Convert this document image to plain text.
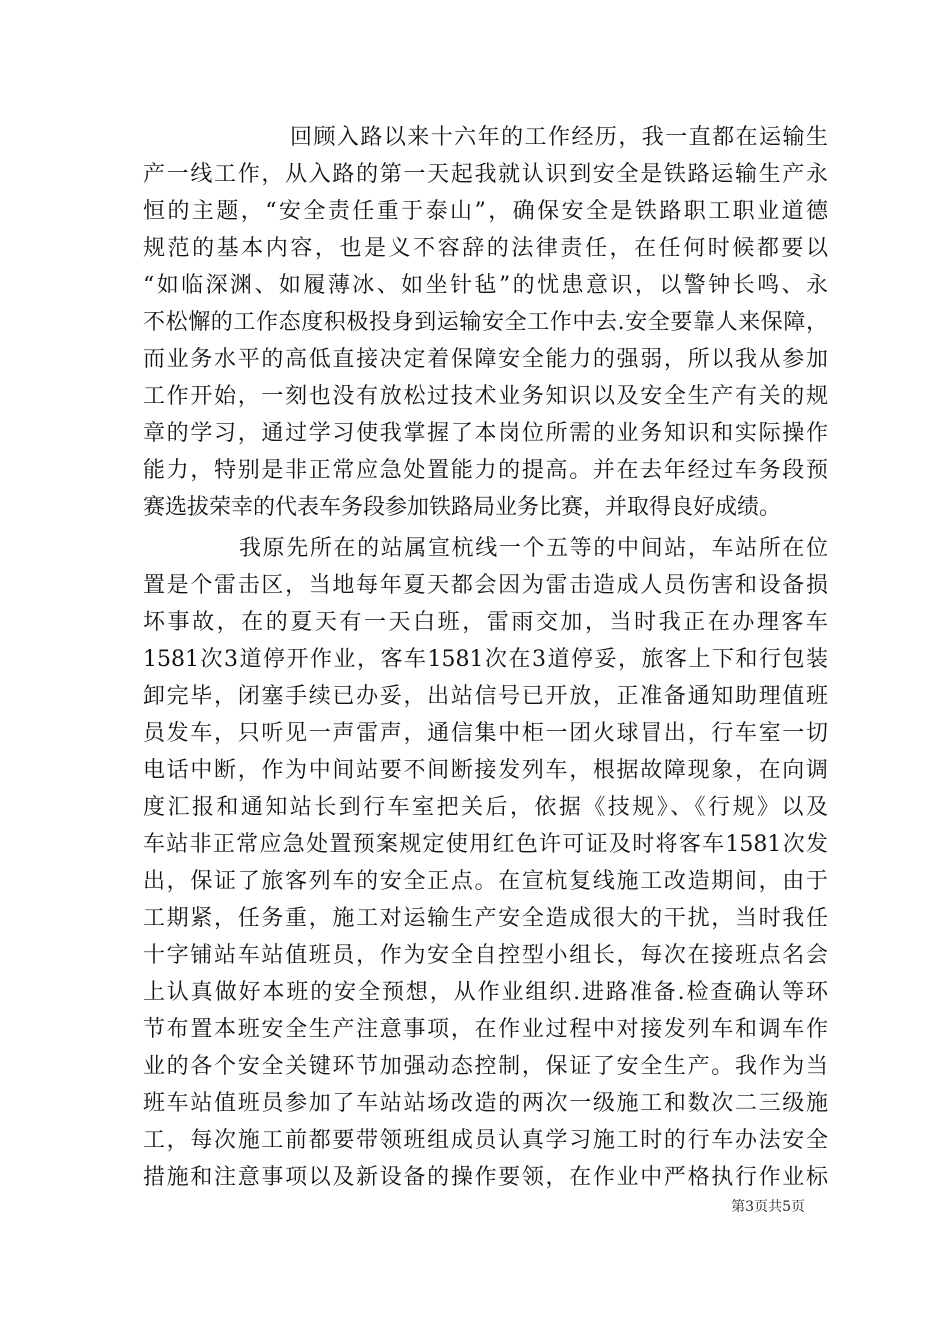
回顾入路以来十六年的工作经历，我一直都在运输生
产一线工作，从入路的第一天起我就认识到安全是铁路运输生产永
恒的主题，“安全责任重于泰山”，确保安全是铁路职工职业道德
规范的基本内容，也是义不容辞的法律责任，在任何时候都要以
“如临深渊、如履薄冰、如坐针毡”的忧患意识，以警钟长鸣、永
不松懈的工作态度积极投身到运输安全工作中去.安全要靠人来保障，
而业务水平的高低直接决定着保障安全能力的强弱，所以我从参加
工作开始，一刻也没有放松过技术业务知识以及安全生产有关的规
章的学习，通过学习使我掌握了本岗位所需的业务知识和实际操作
能力，特别是非正常应急处置能力的提高。并在去年经过车务段预
赛选拔荣幸的代表车务段参加铁路局业务比赛，并取得良好成绩。
我原先所在的站属宣杭线一个五等的中间站，车站所在位
置是个雷击区，当地每年夏天都会因为雷击造成人员伤害和设备损
坏事故，在的夏天有一天白班，雷雨交加，当时我正在办理客车
1581次3道停开作业，客车1581次在3道停妥，旅客上下和行包装
卸完毕，闭塞手续已办妥，出站信号已开放，正准备通知助理值班
员发车，只听见一声雷声，通信集中柜一团火球冒出，行车室一切
电话中断，作为中间站要不间断接发列车，根据故障现象，在向调
度汇报和通知站长到行车室把关后，依据《技规》、《行规》以及
车站非正常应急处置预案规定使用红色许可证及时将客车1581次发
出，保证了旅客列车的安全正点。在宣杭复线施工改造期间，由于
工期紧，任务重，施工对运输生产安全造成很大的干扰，当时我任
十字铺站车站值班员，作为安全自控型小组长，每次在接班点名会
上认真做好本班的安全预想，从作业组织.进路准备.检查确认等环
节布置本班安全生产注意事项，在作业过程中对接发列车和调车作
业的各个安全关键环节加强动态控制，保证了安全生产。我作为当
班车站值班员参加了车站站场改造的两次一级施工和数次二三级施
工，每次施工前都要带领班组成员认真学习施工时的行车办法安全
措施和注意事项以及新设备的操作要领，在作业中严格执行作业标
第3页共5页
